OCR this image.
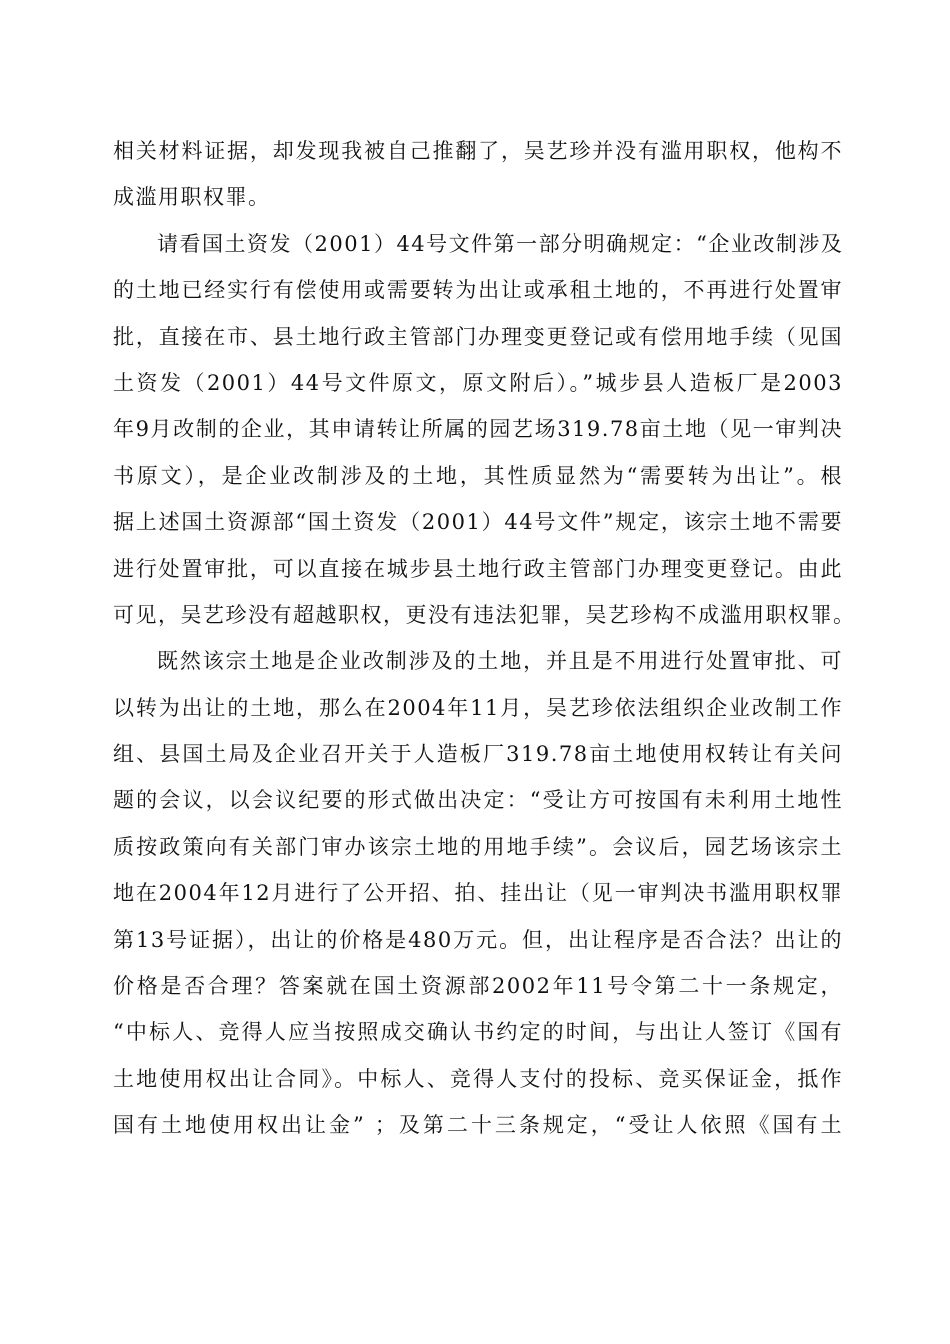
相关材料证据，却发现我被自己推翻了，吴艺珍并没有滥用职权，他构不
成滥用职权罪。
请看国土资发（2001）44号文件第一部分明确规定：“企业改制涉及
的土地已经实行有偿使用或需要转为出让或承租土地的，不再进行处置审
批，直接在市、县土地行政主管部门办理变更登记或有偿用地手续（见国
土资发（2001）44号文件原文，原文附后）。”城步县人造板厂是2003
年9月改制的企业，其申请转让所属的园艺场319.78亩土地（见一审判决
书原文），是企业改制涉及的土地，其性质显然为“需要转为出让”。根
据上述国土资源部“国土资发（2001）44号文件”规定，该宗土地不需要
进行处置审批，可以直接在城步县土地行政主管部门办理变更登记。由此
可见，吴艺珍没有超越职权，更没有违法犯罪，吴艺珍构不成滥用职权罪。
既然该宗土地是企业改制涉及的土地，并且是不用进行处置审批、可
以转为出让的土地，那么在2004年11月，吴艺珍依法组织企业改制工作
组、县国土局及企业召开关于人造板厂319.78亩土地使用权转让有关问
题的会议，以会议纪要的形式做出决定：“受让方可按国有未利用土地性
质按政策向有关部门审办该宗土地的用地手续”。会议后，园艺场该宗土
地在2004年12月进行了公开招、拍、挂出让（见一审判决书滥用职权罪
第13号证据），出让的价格是480万元。但，出让程序是否合法？出让的
价格是否合理？答案就在国土资源部2002年11号令第二十一条规定，
“中标人、竞得人应当按照成交确认书约定的时间，与出让人签订《国有
土地使用权出让合同》。中标人、竞得人支付的投标、竞买保证金，抵作
国有土地使用权出让金” ；及第二十三条规定，“受让人依照《国有土
